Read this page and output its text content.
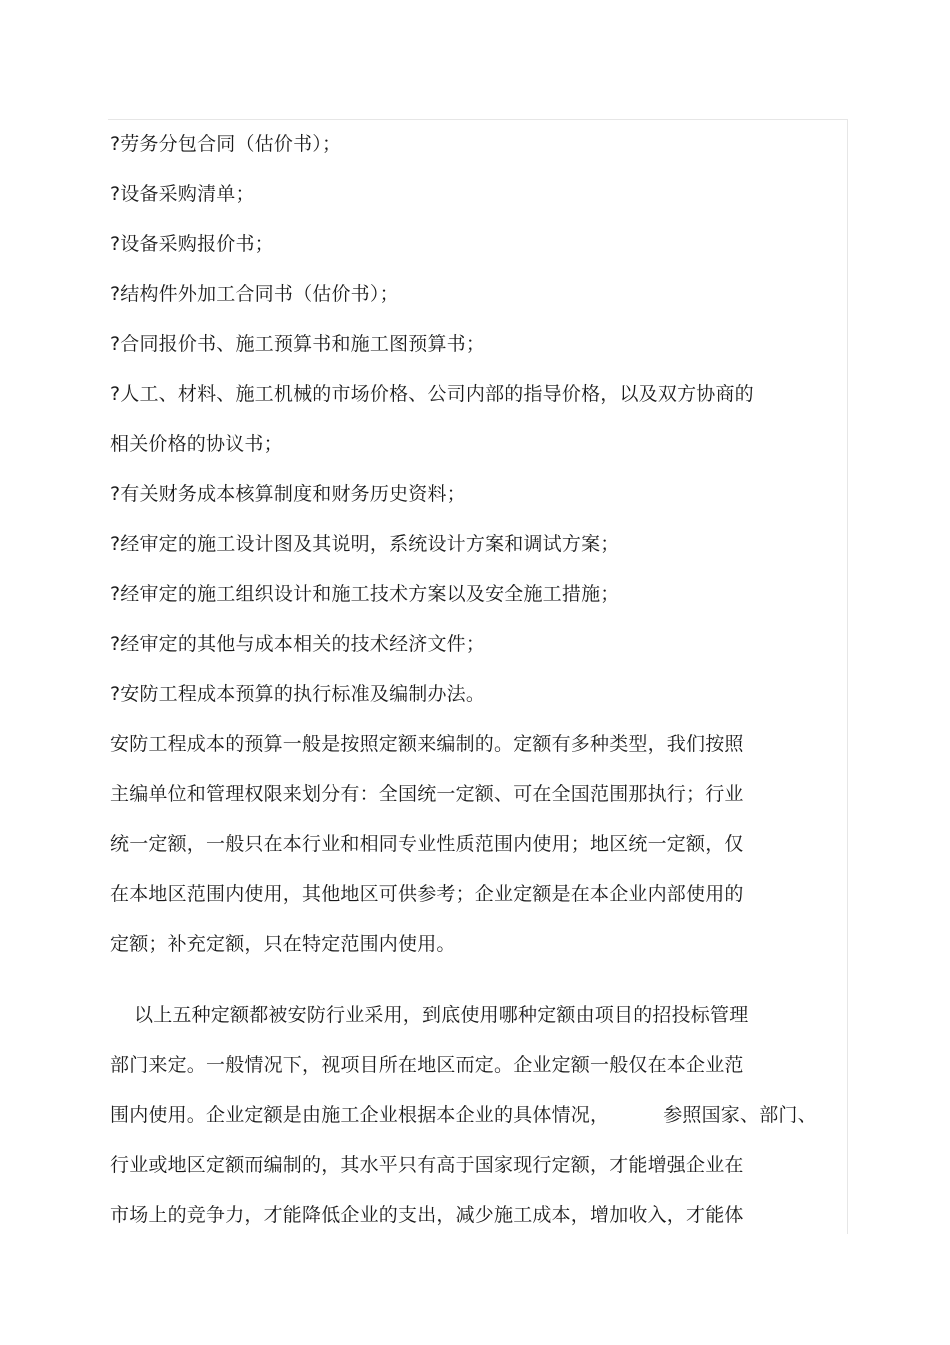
?劳务分包合同（估价书）；
?设备采购清单；
?设备采购报价书；
?结构件外加工合同书（估价书）；
?合同报价书、施工预算书和施工图预算书；
?人工、材料、施工机械的市场价格、公司内部的指导价格，以及双方协商的
相关价格的协议书；
?有关财务成本核算制度和财务历史资料；
?经审定的施工设计图及其说明，系统设计方案和调试方案；
?经审定的施工组织设计和施工技术方案以及安全施工措施；
?经审定的其他与成本相关的技术经济文件；
?安防工程成本预算的执行标准及编制办法。
安防工程成本的预算一般是按照定额来编制的。定额有多种类型，我们按照
主编单位和管理权限来划分有：全国统一定额、可在全国范围那执行；行业
统一定额，一般只在本行业和相同专业性质范围内使用；地区统一定额，仅
在本地区范围内使用，其他地区可供参考；企业定额是在本企业内部使用的
定额；补充定额，只在特定范围内使用。
以上五种定额都被安防行业采用，到底使用哪种定额由项目的招投标管理
部门来定。一般情况下，视项目所在地区而定。企业定额一般仅在本企业范
围内使用。企业定额是由施工企业根据本企业的具体情况，	参照国家、部门、
行业或地区定额而编制的，其水平只有高于国家现行定额，才能增强企业在
市场上的竞争力，才能降低企业的支出，减少施工成本，增加收入，才能体
